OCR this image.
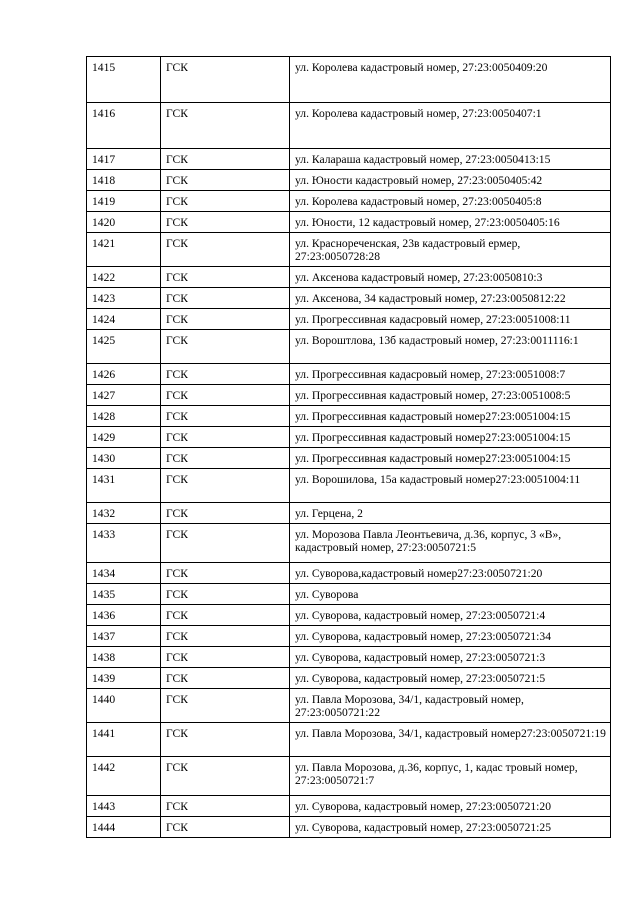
1415	ГСК	ул. Королева кадастровый номер, 27:23:0050409:20
1416	ГСК	ул. Королева кадастровый номер, 27:23:0050407:1
1417	ГСК	ул. Калараша кадастровый номер, 27:23:0050413:15
1418	ГСК	ул. Юности кадастровый номер, 27:23:0050405:42
1419	ГСК	ул. Королева кадастровый номер, 27:23:0050405:8
1420	ГСК	ул. Юности, 12 кадастровый номер, 27:23:0050405:16
1421	ГСК	ул. Краснореченская, 23в кадастровый ермер, 27:23:0050728:28
1422	ГСК	ул. Аксенова кадастровый номер, 27:23:0050810:3
1423	ГСК	ул. Аксенова, 34 кадастровый номер, 27:23:0050812:22
1424	ГСК	ул. Прогрессивная кадасровый номер, 27:23:0051008:11
1425	ГСК	ул. Вороштлова, 13б кадастровый номер, 27:23:0011116:1
1426	ГСК	ул. Прогрессивная кадасровый номер, 27:23:0051008:7
1427	ГСК	ул. Прогрессивная кадастровый номер, 27:23:0051008:5
1428	ГСК	ул. Прогрессивная кадастровый номер27:23:0051004:15
1429	ГСК	ул. Прогрессивная кадастровый номер27:23:0051004:15
1430	ГСК	ул. Прогрессивная кадастровый номер27:23:0051004:15
1431	ГСК	ул. Ворошилова, 15а кадастровый номер27:23:0051004:11
1432	ГСК	ул. Герцена, 2
1433	ГСК	ул. Морозова Павла Леонтьевича, д.36, корпус, 3 «В», кадастровый номер, 27:23:0050721:5
1434	ГСК	ул. Суворова,кадастровый номер27:23:0050721:20
1435	ГСК	ул. Суворова
1436	ГСК	ул. Суворова, кадастровый номер, 27:23:0050721:4
1437	ГСК	ул. Суворова, кадастровый номер, 27:23:0050721:34
1438	ГСК	ул. Суворова, кадастровый номер, 27:23:0050721:3
1439	ГСК	ул. Суворова, кадастровый номер, 27:23:0050721:5
1440	ГСК	ул. Павла Морозова, 34/1, кадастровый номер, 27:23:0050721:22
1441	ГСК	ул. Павла Морозова, 34/1, кадастровый номер27:23:0050721:19
1442	ГСК	ул. Павла Морозова, д.36, корпус, 1, кадас тровый номер, 27:23:0050721:7
1443	ГСК	ул. Суворова, кадастровый номер, 27:23:0050721:20
1444	ГСК	ул. Суворова, кадастровый номер, 27:23:0050721:25
